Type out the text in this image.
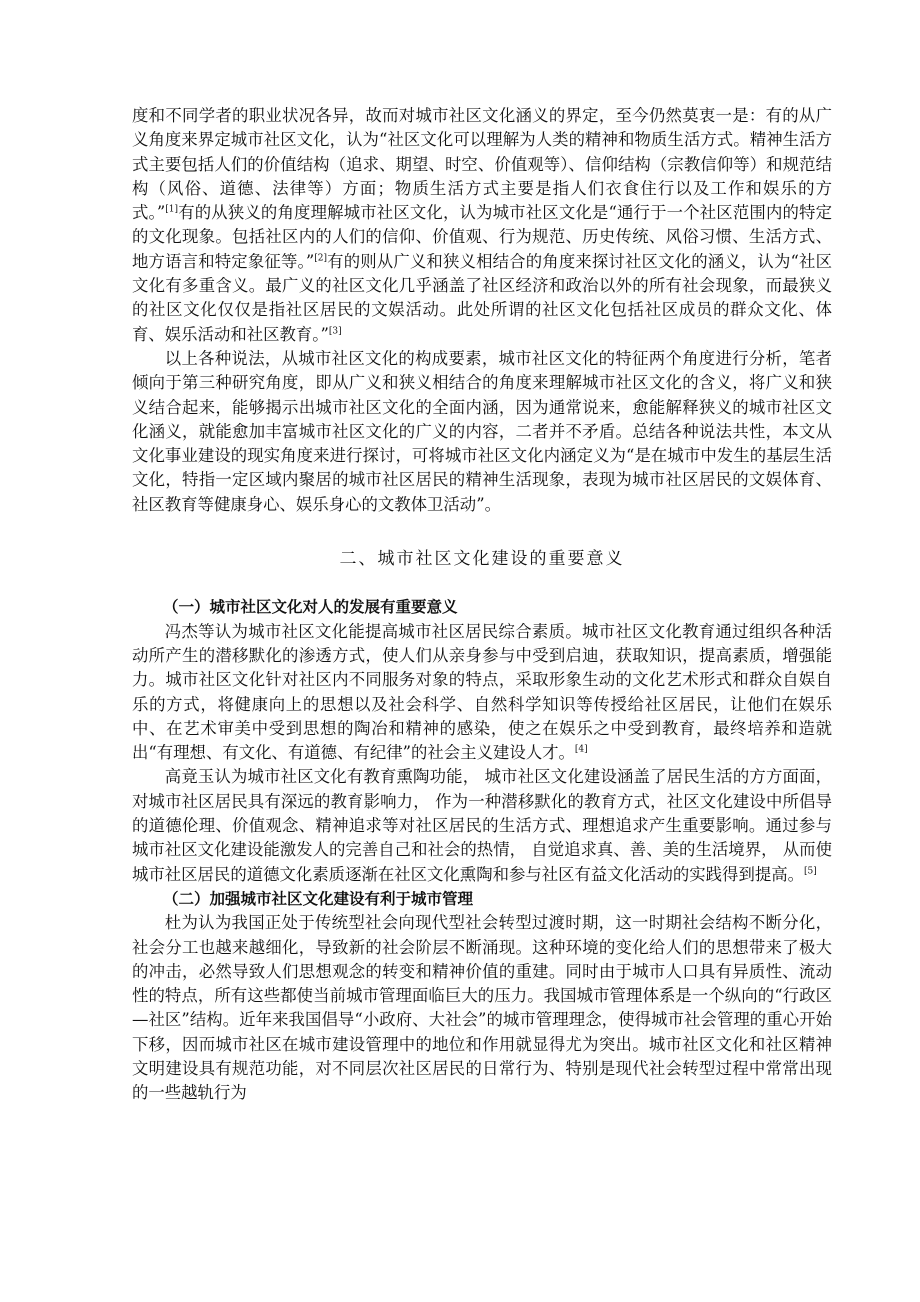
度和不同学者的职业状况各异，故而对城市社区文化涵义的界定，至今仍然莫衷一是：有的从广义角度来界定城市社区文化，认为“社区文化可以理解为人类的精神和物质生活方式。精神生活方式主要包括人们的价值结构（追求、期望、时空、价值观等）、信仰结构（宗教信仰等）和规范结构（风俗、道德、法律等）方面；物质生活方式主要是指人们衣食住行以及工作和娱乐的方式。”[1]有的从狭义的角度理解城市社区文化，认为城市社区文化是“通行于一个社区范围内的特定的文化现象。包括社区内的人们的信仰、价值观、行为规范、历史传统、风俗习惯、生活方式、地方语言和特定象征等。”[2]有的则从广义和狭义相结合的角度来探讨社区文化的涵义，认为“社区文化有多重含义。最广义的社区文化几乎涵盖了社区经济和政治以外的所有社会现象，而最狭义的社区文化仅仅是指社区居民的文娱活动。此处所谓的社区文化包括社区成员的群众文化、体育、娱乐活动和社区教育。”[3]

以上各种说法，从城市社区文化的构成要素，城市社区文化的特征两个角度进行分析，笔者倾向于第三种研究角度，即从广义和狭义相结合的角度来理解城市社区文化的含义，将广义和狭义结合起来，能够揭示出城市社区文化的全面内涵，因为通常说来，愈能解释狭义的城市社区文化涵义，就能愈加丰富城市社区文化的广义的内容，二者并不矛盾。总结各种说法共性，本文从文化事业建设的现实角度来进行探讨，可将城市社区文化内涵定义为“是在城市中发生的基层生活文化，特指一定区域内聚居的城市社区居民的精神生活现象，表现为城市社区居民的文娱体育、社区教育等健康身心、娱乐身心的文教体卫活动”。

二、城市社区文化建设的重要意义

（一）城市社区文化对人的发展有重要意义

冯杰等认为城市社区文化能提高城市社区居民综合素质。城市社区文化教育通过组织各种活动所产生的潜移默化的渗透方式，使人们从亲身参与中受到启迪，获取知识，提高素质，增强能力。城市社区文化针对社区内不同服务对象的特点，采取形象生动的文化艺术形式和群众自娱自乐的方式，将健康向上的思想以及社会科学、自然科学知识等传授给社区居民，让他们在娱乐中、在艺术审美中受到思想的陶冶和精神的感染，使之在娱乐之中受到教育，最终培养和造就出“有理想、有文化、有道德、有纪律”的社会主义建设人才。[4]

高竟玉认为城市社区文化有教育熏陶功能， 城市社区文化建设涵盖了居民生活的方方面面， 对城市社区居民具有深远的教育影响力， 作为一种潜移默化的教育方式，社区文化建设中所倡导的道德伦理、价值观念、精神追求等对社区居民的生活方式、理想追求产生重要影响。通过参与城市社区文化建设能激发人的完善自己和社会的热情， 自觉追求真、善、美的生活境界， 从而使城市社区居民的道德文化素质逐渐在社区文化熏陶和参与社区有益文化活动的实践得到提高。[5]

（二）加强城市社区文化建设有利于城市管理

杜为认为我国正处于传统型社会向现代型社会转型过渡时期，这一时期社会结构不断分化，社会分工也越来越细化，导致新的社会阶层不断涌现。这种环境的变化给人们的思想带来了极大的冲击，必然导致人们思想观念的转变和精神价值的重建。同时由于城市人口具有异质性、流动性的特点，所有这些都使当前城市管理面临巨大的压力。我国城市管理体系是一个纵向的“行政区—社区”结构。近年来我国倡导“小政府、大社会”的城市管理理念，使得城市社会管理的重心开始下移，因而城市社区在城市建设管理中的地位和作用就显得尤为突出。城市社区文化和社区精神文明建设具有规范功能，对不同层次社区居民的日常行为、特别是现代社会转型过程中常常出现的一些越轨行为
